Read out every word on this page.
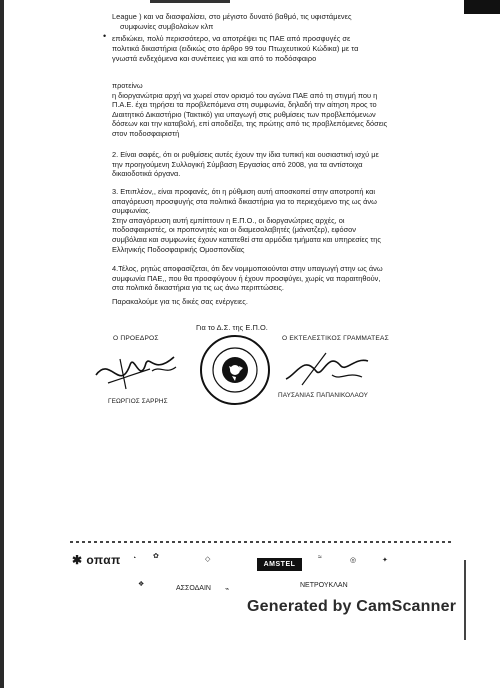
League ) και να διασφαλίσει, στο μέγιστο δυνατό βαθμό, τις υφιστάμενες
συμφωνίες συμβολαίων κλπ
• επιδιώκει, πολύ περισσότερο, να αποτρέψει τις ΠΑΕ από προσφυγές σε
πολιτικά δικαστήρια (ειδικώς στο άρθρο 99 του Πτωχευτικού Κώδικα) με τα
γνωστά ενδεχόμενα και συνέπειες για και από το ποδόσφαιρο
προτείνω
η διοργανώτρια αρχή να χωρεί στον ορισμό του αγώνα ΠΑΕ από τη στιγμή που η
Π.Α.Ε. έχει τηρήσει τα προβλεπόμενα στη συμφωνία, δηλαδή την αίτηση προς το
Διαιτητικό Δικαστήριο (Τακτικό) για υπαγωγή στις ρυθμίσεις των προβλεπόμενων
δόσεων και την καταβολή, επί αποδείξει, της πρώτης από τις προβλεπόμενες δόσεις
στον ποδοσφαιριστή
2. Είναι σαφές, ότι οι ρυθμίσεις αυτές έχουν την ίδια τυπική και ουσιαστική ισχύ με
την προηγούμενη Συλλογική Σύμβαση Εργασίας από 2008, για τα αντίστοιχα
δικαιοδοτικά όργανα.
3. Επιπλέον,, είναι προφανές, ότι η ρύθμιση αυτή αποσκοπεί στην αποτροπή και
απαγόρευση προσφυγής στα πολιτικά δικαστήρια για το περιεχόμενο της ως άνω
συμφωνίας.
Στην απαγόρευση αυτή εμπίπτουν η Ε.Π.Ο., οι διοργανώτριες αρχές, οι
ποδοσφαιριστές, οι προπονητές και οι διαμεσολαβητές (μάνατζερ), εφόσον
συμβόλαια και συμφωνίες έχουν κατατεθεί στα αρμόδια τμήματα και υπηρεσίες της
Ελληνικής Ποδοσφαιρικής Ομοσπονδίας
4.Τέλος, ρητώς αποφασίζεται, ότι δεν νομιμοποιούνται στην υπαγωγή στην ως άνω
συμφωνία ΠΑΕ,, που θα προσφύγουν ή έχουν προσφύγει, χωρίς να παραιτηθούν,
στα πολιτικά δικαστήρια για τις ως άνω περιπτώσεις.
Παρακαλούμε για τις δικές σας ενέργειες.
Για το Δ.Σ. της Ε.Π.Ο.
Ο ΠΡΟΕΔΡΟΣ	Ο ΕΚΤΕΛΕΣΤΙΚΟΣ ΓΡΑΜΜΑΤΕΑΣ
ΓΕΩΡΓΙΟΣ ΣΑΡΡΗΣ
ΠΑΥΣΑΝΙΑΣ ΠΑΠΑΝΙΚΟΛΑΟΥ
✱ οπαπ ◔ ✿	◇
AMSTEL
≈	◎	✦
❖
ΑΣΣΟΔΑΙΝ ⌁
ΝΕΤΡΟΥΚΛΑΝ
Generated by CamScanner
